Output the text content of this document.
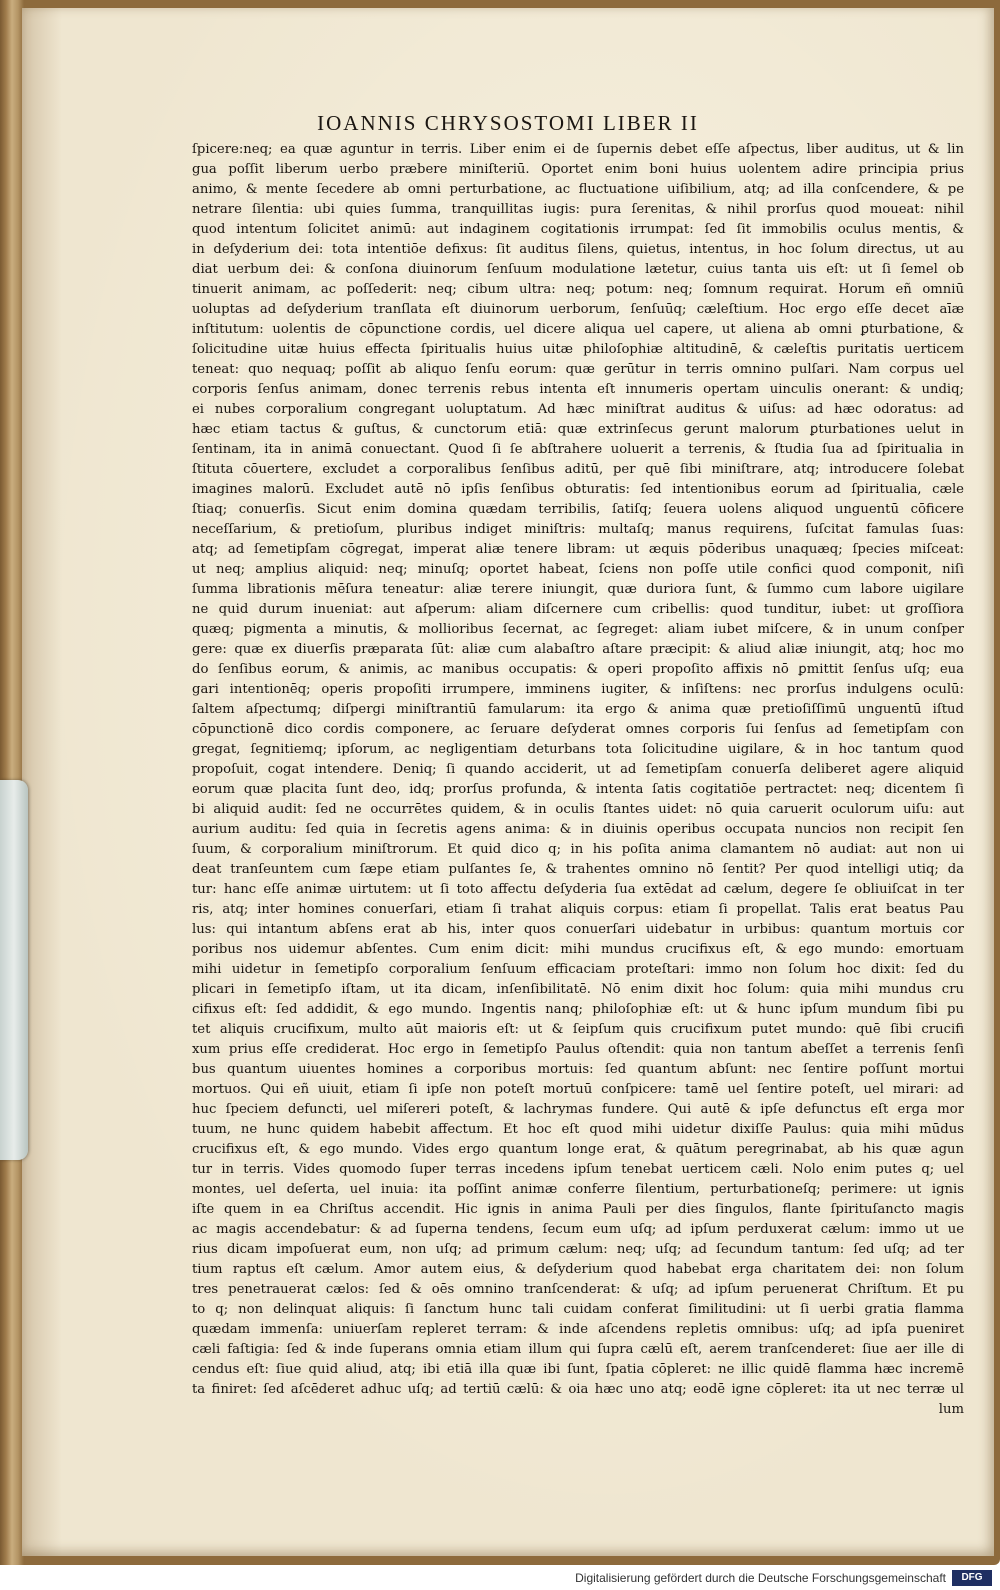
IOANNIS CHRYSOSTOMI LIBER II
ſpicere:neq; ea quæ aguntur in terris. Liber enim ei de ſupernis debet eſſe aſpectus, liber auditus, ut & lin
gua poſſit liberum uerbo præbere miniſteriū. Oportet enim boni huius uolentem adire principia prius
animo, & mente ſecedere ab omni perturbatione, ac fluctuatione uiſibilium, atq; ad illa conſcendere, & pe
netrare ſilentia: ubi quies ſumma, tranquillitas iugis: pura ſerenitas, & nihil prorſus quod moueat: nihil
quod intentum ſolicitet animū: aut indaginem cogitationis irrumpat: ſed ſit immobilis oculus mentis, &
in deſyderium dei: tota intentiōe defixus: ſit auditus ſilens, quietus, intentus, in hoc ſolum directus, ut au
diat uerbum dei: & conſona diuinorum ſenſuum modulatione lætetur, cuius tanta uis eſt: ut ſi ſemel ob
tinuerit animam, ac poſſederit: neq; cibum ultra: neq; potum: neq; ſomnum requirat. Horum eñ omniū
uoluptas ad deſyderium tranſlata eſt diuinorum uerborum, ſenſuūq; cæleſtium. Hoc ergo eſſe decet aīæ
inſtitutum: uolentis de cōpunctione cordis, uel dicere aliqua uel capere, ut aliena ab omni ꝑturbatione, &
ſolicitudine uitæ huius effecta ſpiritualis huius uitæ philoſophiæ altitudinē, & cæleſtis puritatis uerticem
teneat: quo nequaq; poſſit ab aliquo ſenſu eorum: quæ gerūtur in terris omnino pulſari. Nam corpus uel
corporis ſenſus animam, donec terrenis rebus intenta eſt innumeris opertam uinculis onerant: & undiq;
ei nubes corporalium congregant uoluptatum. Ad hæc miniſtrat auditus & uiſus: ad hæc odoratus: ad
hæc etiam tactus & guſtus, & cunctorum etiā: quæ extrinſecus gerunt malorum ꝑturbationes uelut in
ſentinam, ita in animā conuectant. Quod ſi ſe abſtrahere uoluerit a terrenis, & ſtudia ſua ad ſpiritualia in
ſtituta cōuertere, excludet a corporalibus ſenſibus aditū, per quē ſibi miniſtrare, atq; introducere ſolebat
imagines malorū. Excludet autē nō ipſis ſenſibus obturatis: ſed intentionibus eorum ad ſpiritualia, cæle
ſtiaq; conuerſis. Sicut enim domina quædam terribilis, ſatiſq; ſeuera uolens aliquod unguentū cōficere
neceſſarium, & pretioſum, pluribus indiget miniſtris: multaſq; manus requirens, ſuſcitat famulas ſuas:
atq; ad ſemetipſam cōgregat, imperat aliæ tenere libram: ut æquis pōderibus unaquæq; ſpecies miſceat:
ut neq; amplius aliquid: neq; minuſq; oportet habeat, ſciens non poſſe utile confici quod componit, niſi
ſumma librationis mēſura teneatur: aliæ terere iniungit, quæ duriora ſunt, & ſummo cum labore uigilare
ne quid durum inueniat: aut aſperum: aliam diſcernere cum cribellis: quod tunditur, iubet: ut groſſiora
quæq; pigmenta a minutis, & mollioribus ſecernat, ac ſegreget: aliam iubet miſcere, & in unum conſper
gere: quæ ex diuerſis præparata ſūt: aliæ cum alabaſtro aſtare præcipit: & aliud aliæ iniungit, atq; hoc mo
do ſenſibus eorum, & animis, ac manibus occupatis: & operi propoſito affixis nō ꝑmittit ſenſus uſq; eua
gari intentionēq; operis propoſiti irrumpere, imminens iugiter, & inſiſtens: nec prorſus indulgens oculū:
ſaltem aſpectumq; diſpergi miniſtrantiū famularum: ita ergo & anima quæ pretioſiſſimū unguentū iſtud
cōpunctionē dico cordis componere, ac ſeruare deſyderat omnes corporis ſui ſenſus ad ſemetipſam con
gregat, ſegnitiemq; ipſorum, ac negligentiam deturbans tota ſolicitudine uigilare, & in hoc tantum quod
propoſuit, cogat intendere. Deniq; ſi quando acciderit, ut ad ſemetipſam conuerſa deliberet agere aliquid
eorum quæ placita ſunt deo, idq; prorſus profunda, & intenta ſatis cogitatiōe pertractet: neq; dicentem ſi
bi aliquid audit: ſed ne occurrētes quidem, & in oculis ſtantes uidet: nō quia caruerit oculorum uiſu: aut
aurium auditu: ſed quia in ſecretis agens anima: & in diuinis operibus occupata nuncios non recipit ſen
ſuum, & corporalium miniſtrorum. Et quid dico q; in his poſita anima clamantem nō audiat: aut non ui
deat tranſeuntem cum ſæpe etiam pulſantes ſe, & trahentes omnino nō ſentit? Per quod intelligi utiq; da
tur: hanc eſſe animæ uirtutem: ut ſi toto affectu deſyderia ſua extēdat ad cælum, degere ſe obliuiſcat in ter
ris, atq; inter homines conuerſari, etiam ſi trahat aliquis corpus: etiam ſi propellat. Talis erat beatus Pau
lus: qui intantum abſens erat ab his, inter quos conuerſari uidebatur in urbibus: quantum mortuis cor
poribus nos uidemur abſentes. Cum enim dicit: mihi mundus crucifixus eſt, & ego mundo: emortuam
mihi uidetur in ſemetipſo corporalium ſenſuum efficaciam proteſtari: immo non ſolum hoc dixit: ſed du
plicari in ſemetipſo iſtam, ut ita dicam, inſenſibilitatē. Nō enim dixit hoc ſolum: quia mihi mundus cru
cifixus eſt: ſed addidit, & ego mundo. Ingentis nanq; philoſophiæ eſt: ut & hunc ipſum mundum ſibi pu
tet aliquis crucifixum, multo aūt maioris eſt: ut & ſeipſum quis crucifixum putet mundo: quē ſibi crucifi
xum prius eſſe crediderat. Hoc ergo in ſemetipſo Paulus oſtendit: quia non tantum abeſſet a terrenis ſenſi
bus quantum uiuentes homines a corporibus mortuis: ſed quantum abſunt: nec ſentire poſſunt mortui
mortuos. Qui eñ uiuit, etiam ſi ipſe non poteſt mortuū conſpicere: tamē uel ſentire poteſt, uel mirari: ad
huc ſpeciem defuncti, uel miſereri poteſt, & lachrymas fundere. Qui autē & ipſe defunctus eſt erga mor
tuum, ne hunc quidem habebit affectum. Et hoc eſt quod mihi uidetur dixiſſe Paulus: quia mihi mūdus
crucifixus eſt, & ego mundo. Vides ergo quantum longe erat, & quātum peregrinabat, ab his quæ agun
tur in terris. Vides quomodo ſuper terras incedens ipſum tenebat uerticem cæli. Nolo enim putes q; uel
montes, uel deſerta, uel inuia: ita poſſint animæ conferre ſilentium, perturbationeſq; perimere: ut ignis
iſte quem in ea Chriſtus accendit. Hic ignis in anima Pauli per dies ſingulos, flante ſpirituſancto magis
ac magis accendebatur: & ad ſuperna tendens, ſecum eum uſq; ad ipſum perduxerat cælum: immo ut ue
rius dicam impoſuerat eum, non uſq; ad primum cælum: neq; uſq; ad ſecundum tantum: ſed uſq; ad ter
tium raptus eſt cælum. Amor autem eius, & deſyderium quod habebat erga charitatem dei: non ſolum
tres penetrauerat cælos: ſed & oēs omnino tranſcenderat: & uſq; ad ipſum peruenerat Chriſtum. Et pu
to q; non delinquat aliquis: ſi ſanctum hunc tali cuidam conferat ſimilitudini: ut ſi uerbi gratia flamma
quædam immenſa: uniuerſam repleret terram: & inde aſcendens repletis omnibus: uſq; ad ipſa pueniret
cæli faſtigia: ſed & inde ſuperans omnia etiam illum qui ſupra cælū eſt, aerem tranſcenderet: ſiue aer ille di
cendus eſt: ſiue quid aliud, atq; ibi etiā illa quæ ibi ſunt, ſpatia cōpleret: ne illic quidē flamma hæc incremē
ta finiret: ſed aſcēderet adhuc uſq; ad tertiū cælū: & oia hæc uno atq; eodē igne cōpleret: ita ut nec terræ ul
lum
Digitalisierung gefördert durch die Deutsche Forschungsgemeinschaft	DFG
